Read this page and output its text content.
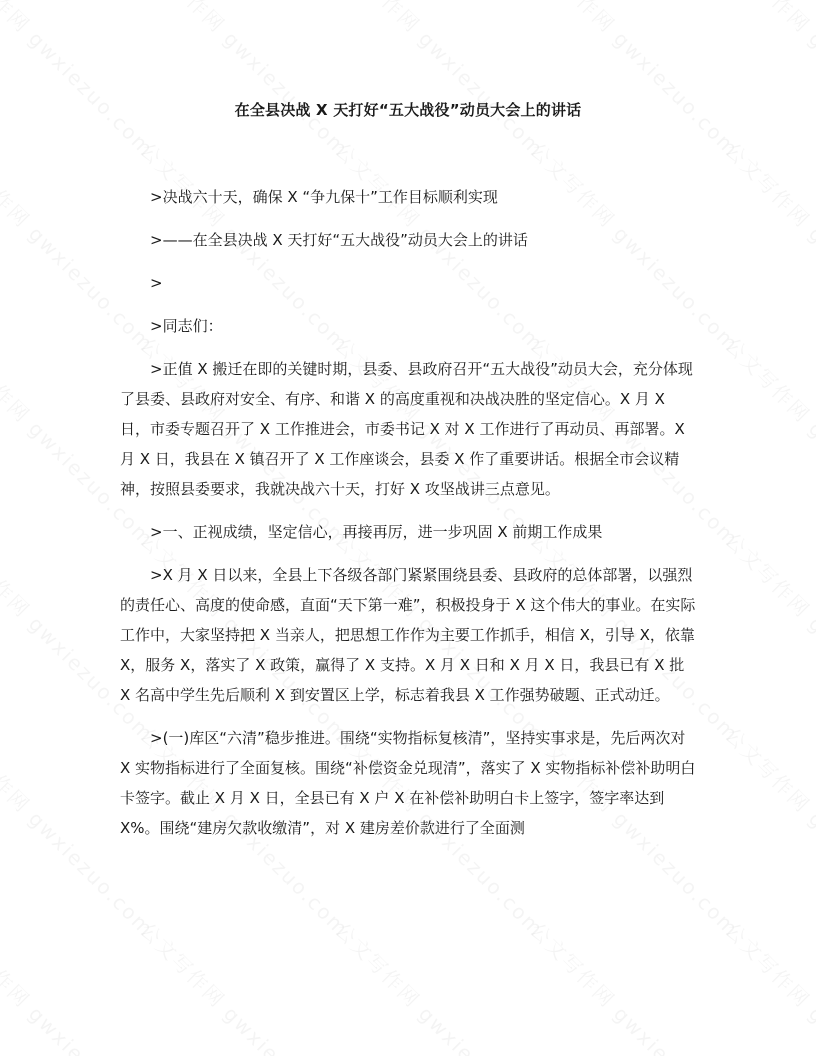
在全县决战 X 天打好“五大战役”动员大会上的讲话

>决战六十天，确保 X “争九保十”工作目标顺利实现

>——在全县决战 X 天打好“五大战役”动员大会上的讲话

>

>同志们：

>正值 X 搬迁在即的关键时期，县委、县政府召开“五大战役”动员大会，充分体现了县委、县政府对安全、有序、和谐 X 的高度重视和决战决胜的坚定信心。X 月 X 日，市委专题召开了 X 工作推进会，市委书记 X 对 X 工作进行了再动员、再部署。X 月 X 日，我县在 X 镇召开了 X 工作座谈会，县委 X 作了重要讲话。根据全市会议精神，按照县委要求，我就决战六十天，打好 X 攻坚战讲三点意见。

>一、正视成绩，坚定信心，再接再厉，进一步巩固 X 前期工作成果

>X 月 X 日以来，全县上下各级各部门紧紧围绕县委、县政府的总体部署，以强烈的责任心、高度的使命感，直面“天下第一难”，积极投身于 X 这个伟大的事业。在实际工作中，大家坚持把 X 当亲人，把思想工作作为主要工作抓手，相信 X，引导 X，依靠 X，服务 X，落实了 X 政策，赢得了 X 支持。X 月 X 日和 X 月 X 日，我县已有 X 批 X 名高中学生先后顺利 X 到安置区上学，标志着我县 X 工作强势破题、正式动迁。

>(一)库区“六清”稳步推进。围绕“实物指标复核清”，坚持实事求是，先后两次对 X 实物指标进行了全面复核。围绕“补偿资金兑现清”，落实了 X 实物指标补偿补助明白卡签字。截止 X 月 X 日，全县已有 X 户 X 在补偿补助明白卡上签字，签字率达到 X%。围绕“建房欠款收缴清”，对 X 建房差价款进行了全面测
